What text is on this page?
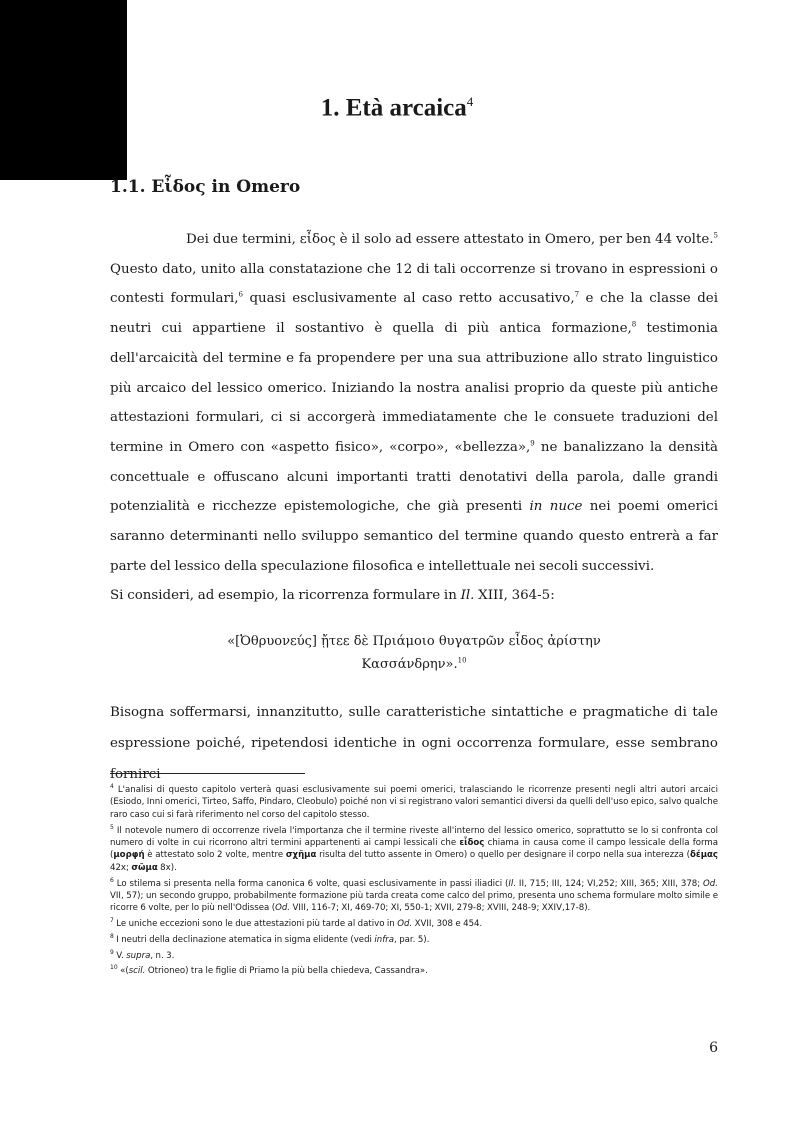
1. Età arcaica$^4$
1.1. Εἶδος in Omero

Dei due termini, εἶδος è il solo ad essere attestato in Omero, per ben 44 volte.$^5$ Questo dato, unito alla constatazione che 12 di tali occorrenze si trovano in espressioni o contesti formulari,$^6$ quasi esclusivamente al caso retto accusativo,$^7$ e che la classe dei neutri cui appartiene il sostantivo è quella di più antica formazione,$^8$ testimonia dell'arcaicità del termine e fa propendere per una sua attribuzione allo strato linguistico più arcaico del lessico omerico. Iniziando la nostra analisi proprio da queste più antiche attestazioni formulari, ci si accorgerà immediatamente che le consuete traduzioni del termine in Omero con «aspetto fisico», «corpo», «bellezza»,$^9$ ne banalizzano la densità concettuale e offuscano alcuni importanti tratti denotativi della parola, dalle grandi potenzialità e ricchezze epistemologiche, che già presenti in nuce nei poemi omerici saranno determinanti nello sviluppo semantico del termine quando questo entrerà a far parte del lessico della speculazione filosofica e intellettuale nei secoli successivi.

Si consideri, ad esempio, la ricorrenza formulare in Il. XIII, 364-5:

«[Ὀθρυονεύς] ᾔτεε δὲ Πριάμοιο θυγατρῶν εἶδος ἀρίστην

Κασσάνδρην».$^{10}$

Bisogna soffermarsi, innanzitutto, sulle caratteristiche sintattiche e pragmatiche di tale espressione poiché, ripetendosi identiche in ogni occorrenza formulare, esse sembrano fornirci

$^4$ L'analisi di questo capitolo verterà quasi esclusivamente sui poemi omerici, tralasciando le ricorrenze presenti negli altri autori arcaici (Esiodo, Inni omerici, Tirteo, Saffo, Pindaro, Cleobulo) poiché non vi si registrano valori semantici diversi da quelli dell'uso epico, salvo qualche raro caso cui si farà riferimento nel corso del capitolo stesso.

$^5$ Il notevole numero di occorrenze rivela l'importanza che il termine riveste all'interno del lessico omerico, soprattutto se lo si confronta col numero di volte in cui ricorrono altri termini appartenenti ai campi lessicali che εἶδος chiama in causa come il campo lessicale della forma (μορφή è attestato solo 2 volte, mentre σχῆμα risulta del tutto assente in Omero) o quello per designare il corpo nella sua interezza (δέμας 42x; σῶμα 8x).

$^6$ Lo stilema si presenta nella forma canonica 6 volte, quasi esclusivamente in passi iliadici (Il. II, 715; III, 124; VI,252; XIII, 365; XIII, 378; Od. VII, 57); un secondo gruppo, probabilmente formazione più tarda creata come calco del primo, presenta uno schema formulare molto simile e ricorre 6 volte, per lo più nell'Odissea (Od. VIII, 116-7; XI, 469-70; XI, 550-1; XVII, 279-8; XVIII, 248-9; XXIV,17-8).

$^7$ Le uniche eccezioni sono le due attestazioni più tarde al dativo in Od. XVII, 308 e 454.

$^8$ I neutri della declinazione atematica in sigma elidente (vedi infra, par. 5).

$^9$ V. supra, n. 3.

$^{10}$ «(scil. Otrioneo) tra le figlie di Priamo la più bella chiedeva, Cassandra».

6
